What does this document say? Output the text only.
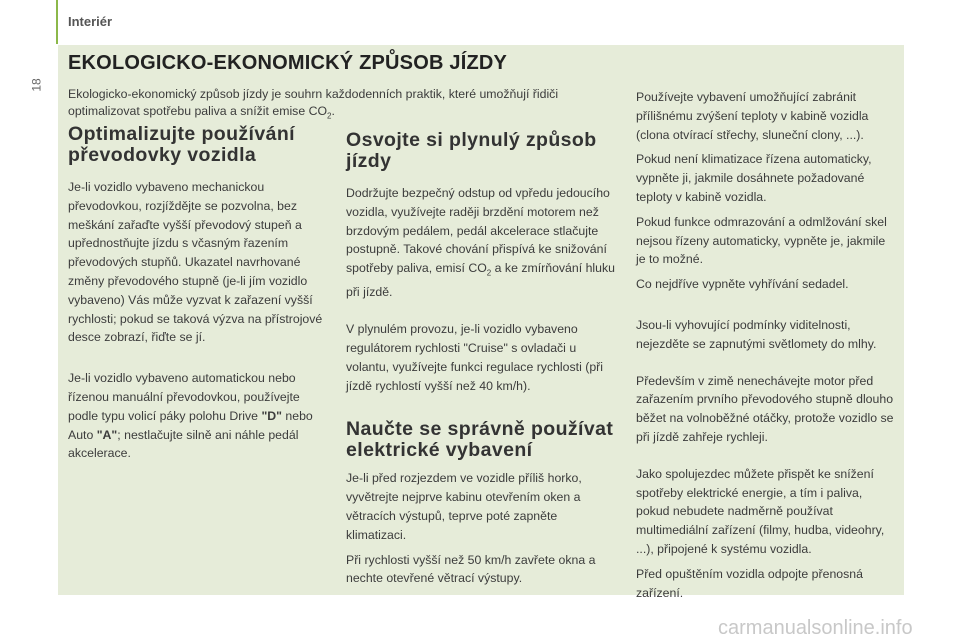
18
Interiér
EKOLOGICKO-EKONOMICKÝ ZPŮSOB JÍZDY
Ekologicko-ekonomický způsob jízdy je souhrn každodenních praktik, které umožňují řidiči optimalizovat spotřebu paliva a snížit emise $CO_2$.
Optimalizujte používání převodovky vozidla

Je-li vozidlo vybaveno mechanickou převodovkou, rozjíždějte se pozvolna, bez meškání zařaďte vyšší převodový stupeň a upřednostňujte jízdu s včasným řazením převodových stupňů. Ukazatel navrhované změny převodového stupně (je-li jím vozidlo vybaveno) Vás může vyzvat k zařazení vyšší rychlosti; pokud se taková výzva na přístrojové desce zobrazí, řiďte se jí.

Je-li vozidlo vybaveno automatickou nebo řízenou manuální převodovkou, používejte podle typu volicí páky polohu Drive "D" nebo Auto "A"; nestlačujte silně ani náhle pedál akcelerace.

Osvojte si plynulý způsob jízdy

Dodržujte bezpečný odstup od vpředu jedoucího vozidla, využívejte raději brzdění motorem než brzdovým pedálem, pedál akcelerace stlačujte postupně. Takové chování přispívá ke snižování spotřeby paliva, emisí $CO_2$ a ke zmírňování hluku při jízdě.

V plynulém provozu, je-li vozidlo vybaveno regulátorem rychlosti "Cruise" s ovladači u volantu, využívejte funkci regulace rychlosti (při jízdě rychlostí vyšší než 40 km/h).

Naučte se správně používat elektrické vybavení

Je-li před rozjezdem ve vozidle příliš horko, vyvětrejte nejprve kabinu otevřením oken a větracích výstupů, teprve poté zapněte klimatizaci.

Při rychlosti vyšší než 50 km/h zavřete okna a nechte otevřené větrací výstupy.

Používejte vybavení umožňující zabránit přílišnému zvýšení teploty v kabině vozidla (clona otvírací střechy, sluneční clony, ...).

Pokud není klimatizace řízena automaticky, vypněte ji, jakmile dosáhnete požadované teploty v kabině vozidla.

Pokud funkce odmrazování a odmlžování skel nejsou řízeny automaticky, vypněte je, jakmile je to možné.

Co nejdříve vypněte vyhřívání sedadel.

Jsou-li vyhovující podmínky viditelnosti, nejezděte se zapnutými světlomety do mlhy.

Především v zimě nenechávejte motor před zařazením prvního převodového stupně dlouho běžet na volnoběžné otáčky, protože vozidlo se při jízdě zahřeje rychleji.

Jako spolujezdec můžete přispět ke snížení spotřeby elektrické energie, a tím i paliva, pokud nebudete nadměrně používat multimediální zařízení (filmy, hudba, videohry, ...), připojené k systému vozidla.

Před opuštěním vozidla odpojte přenosná zařízení.

carmanualsonline.info
